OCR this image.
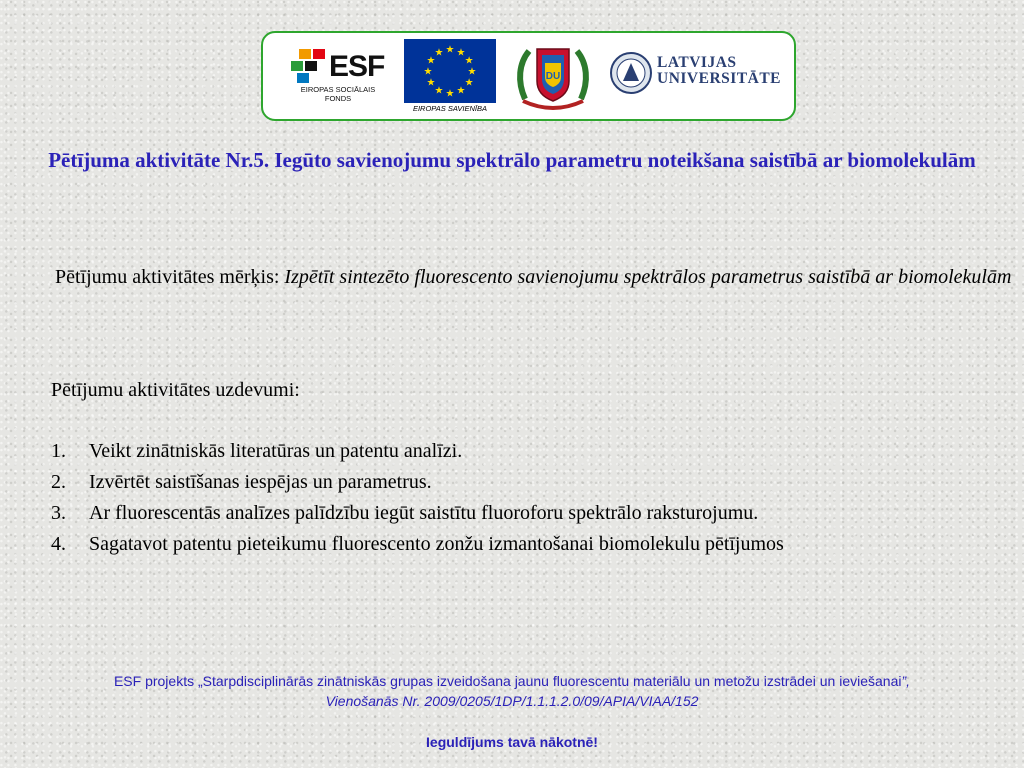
ESF
EIROPAS SOCIĀLAIS FONDS
★ ★
★
★
★
★
★
★
★
★
★
★
EIROPAS SAVIENĪBA
DU
LATVIJAS
UNIVERSITĀTE
Pētījuma aktivitāte Nr.5. Iegūto savienojumu spektrālo parametru noteikšana saistībā ar biomolekulām
Pētījumu aktivitātes mērķis: Izpētīt sintezēto fluorescento savienojumu spektrālos parametrus saistībā ar biomolekulām
Pētījumu aktivitātes uzdevumi:
1. Veikt zinātniskās literatūras un patentu analīzi.
2. Izvērtēt saistīšanas iespējas un parametrus.
3. Ar fluorescentās analīzes palīdzību iegūt saistītu fluoroforu spektrālo raksturojumu.
4. Sagatavot patentu pieteikumu fluorescento zonžu izmantošanai biomolekulu pētījumos
ESF projekts „Starpdisciplinārās zinātniskās grupas izveidošana jaunu fluorescentu materiālu un metožu izstrādei un ieviešanai”,
Vienošanās Nr. 2009/0205/1DP/1.1.1.2.0/09/APIA/VIAA/152
Ieguldījums tavā nākotnē!
